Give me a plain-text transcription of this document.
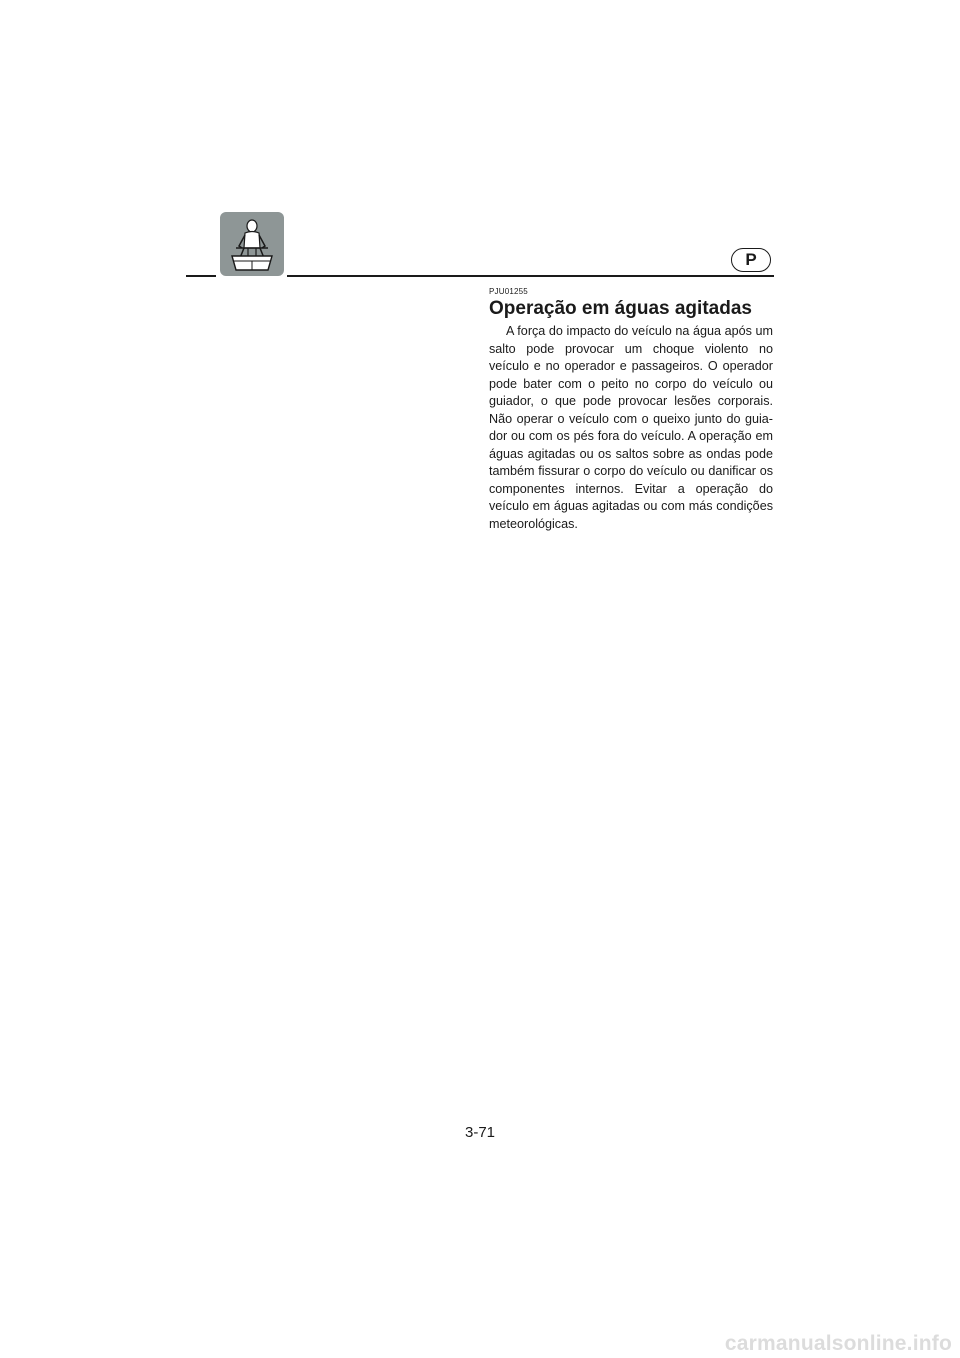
P
PJU01255
Operação em águas agitadas

A força do impacto do veículo na água após um salto pode provocar um choque violento no veículo e no operador e passageiros. O operador pode bater com o peito no corpo do veículo ou guiador, o que pode provocar lesões corporais. Não operar o veículo com o queixo junto do guiador ou com os pés fora do veículo. A operação em águas agitadas ou os saltos sobre as ondas pode também fissurar o corpo do veículo ou danificar os componentes internos. Evitar a operação do veículo em águas agitadas ou com más condições meteorológicas.

3-71
carmanualsonline.info
